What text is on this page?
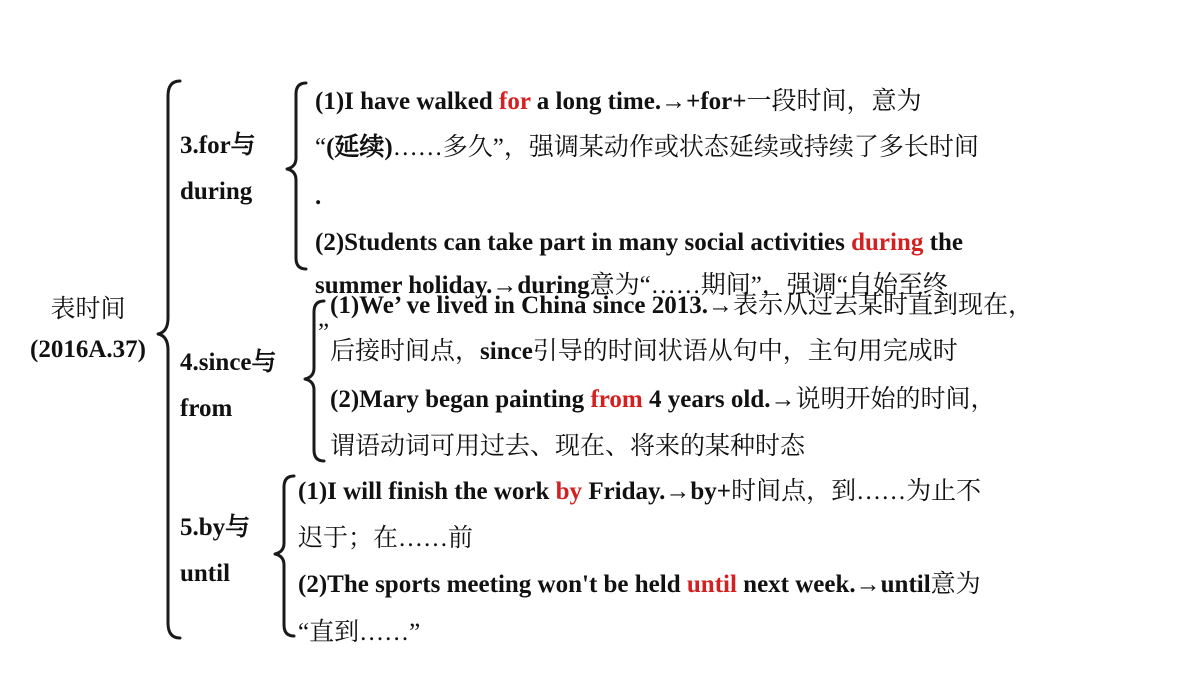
表时间
(2016A.37)
3.for与
during
4.since与
from
5.by与
until
(1)I have walked for a long time.→+for+一段时间，意为
“(延续)……多久”，强调某动作或状态延续或持续了多长时间
.
(2)Students can take part in many social activities during the
summer holiday.→during意为“……期间”，强调“自始至终
”
(1)We’ ve lived in China since 2013.→表示从过去某时直到现在，
后接时间点，since引导的时间状语从句中，主句用完成时
(2)Mary began painting from 4 years old.→说明开始的时间，
谓语动词可用过去、现在、将来的某种时态
(1)I will finish the work by Friday.→by+时间点，到……为止不
迟于；在……前
(2)The sports meeting won't be held until next week.→until意为
“直到……”
